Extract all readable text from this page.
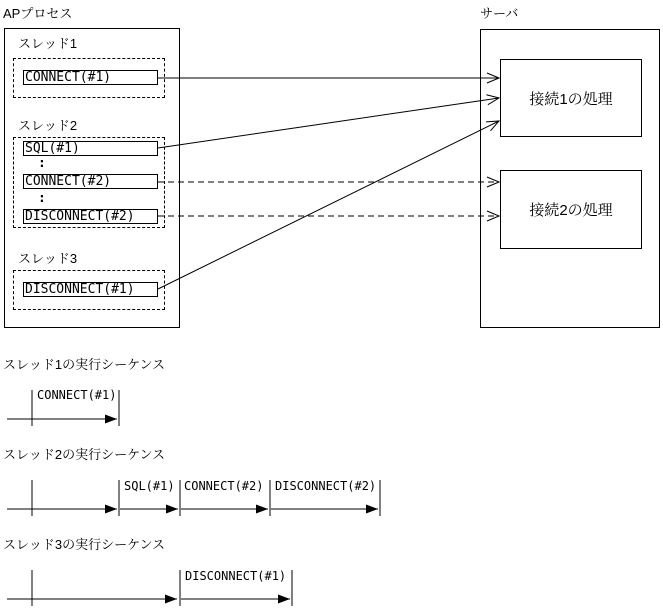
APプロセス
スレッド1
CONNECT(#1)
スレッド2
SQL(#1)
:
CONNECT(#2)
:
DISCONNECT(#2)
スレッド3
DISCONNECT(#1)
サーバ
接続1の処理
接続2の処理
スレッド1の実行シーケンス
CONNECT(#1)
スレッド2の実行シーケンス
SQL(#1) CONNECT(#2) DISCONNECT(#2)
スレッド3の実行シーケンス
DISCONNECT(#1)
